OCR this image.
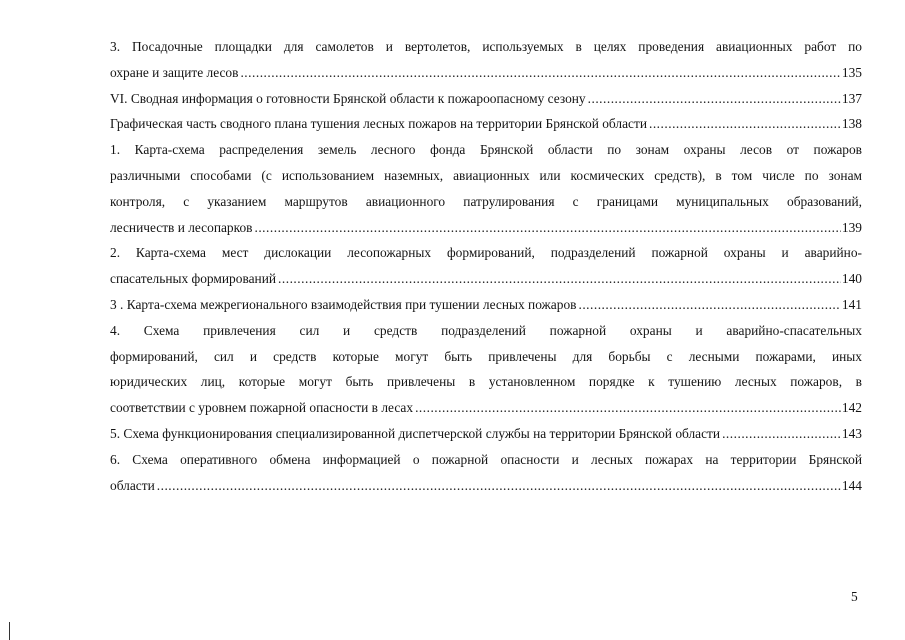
3. Посадочные площадки для самолетов и вертолетов, используемых в целях проведения авиационных работ по
охране и защите лесов .....	135
VI. Сводная информация о готовности Брянской области к пожароопасному сезону .....	137
Графическая часть сводного плана тушения лесных пожаров на территории Брянской области .....	138
1. Карта-схема распределения земель лесного фонда Брянской области по зонам охраны лесов от пожаров
различными способами (с использованием наземных, авиационных или космических средств), в том числе по зонам
контроля, с указанием маршрутов авиационного патрулирования с границами муниципальных образований,
лесничеств и лесопарков .....	139
2. Карта-схема мест дислокации лесопожарных формирований, подразделений пожарной охраны и аварийно-
спасательных формирований .....	140
3 . Карта-схема межрегионального взаимодействия при тушении лесных пожаров .....	141
4. Схема привлечения сил и средств подразделений пожарной охраны и аварийно-спасательных
формирований, сил и средств которые могут быть привлечены для борьбы с лесными пожарами, иных
юридических лиц, которые могут быть привлечены в установленном порядке к тушению лесных пожаров, в
соответствии с уровнем пожарной опасности в лесах .....	142
5. Схема функционирования специализированной диспетчерской службы на территории Брянской области .....	143
6. Схема оперативного обмена информацией о пожарной опасности и лесных пожарах на территории Брянской
области .....	144
5
